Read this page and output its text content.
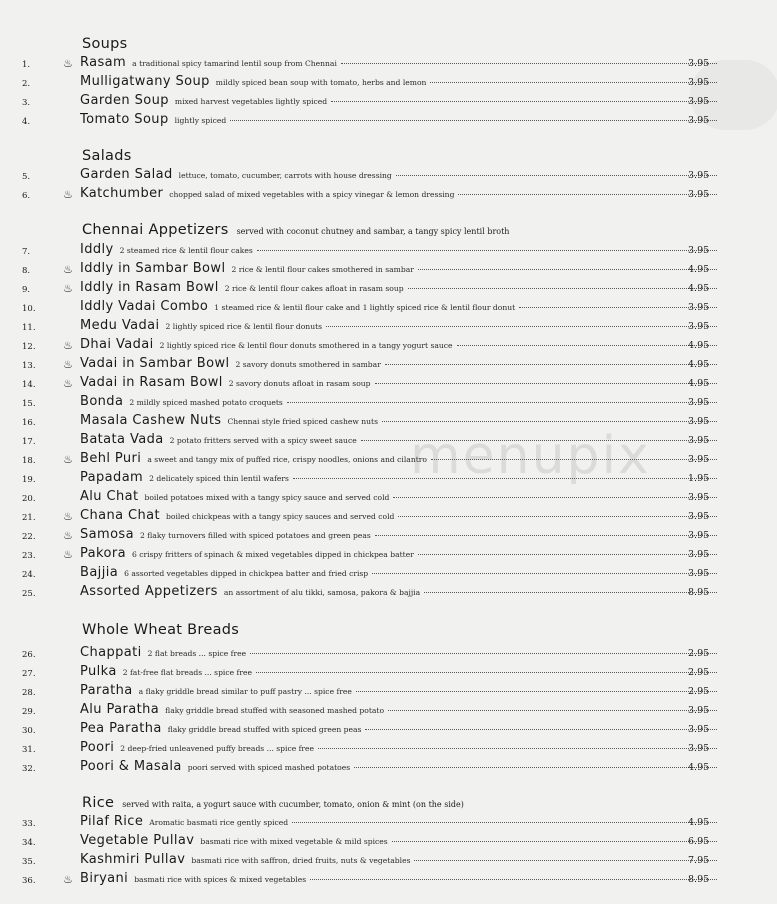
Soups
1.	♨ Rasam a traditional spicy tamarind lentil soup from Chennai	3.95
2.	Mulligatwany Soup mildly spiced bean soup with tomato, herbs and lemon	3.95
3.	Garden Soup mixed harvest vegetables lightly spiced	3.95
4.	Tomato Soup lightly spiced	3.95
Salads
5.	Garden Salad lettuce, tomato, cucumber, carrots with house dressing	3.95
6.	♨ Katchumber chopped salad of mixed vegetables with a spicy vinegar & lemon dressing	3.95
Chennai Appetizers served with coconut chutney and sambar, a tangy spicy lentil broth
7.	Iddly 2 steamed rice & lentil flour cakes	3.95
8.	♨ Iddly in Sambar Bowl 2 rice & lentil flour cakes smothered in sambar	4.95
9.	♨ Iddly in Rasam Bowl 2 rice & lentil flour cakes afloat in rasam soup	4.95
10.	Iddly Vadai Combo 1 steamed rice & lentil flour cake and 1 lightly spiced rice & lentil flour donut	3.95
11.	Medu Vadai 2 lightly spiced rice & lentil flour donuts	3.95
12.	♨ Dhai Vadai 2 lightly spiced rice & lentil flour donuts smothered in a tangy yogurt sauce	4.95
13.	♨ Vadai in Sambar Bowl 2 savory donuts smothered in sambar	4.95
14.	♨ Vadai in Rasam Bowl 2 savory donuts afloat in rasam soup	4.95
15.	Bonda 2 mildly spiced mashed potato croquets	3.95
16.	Masala Cashew Nuts Chennai style fried spiced cashew nuts	3.95
17.	Batata Vada 2 potato fritters served with a spicy sweet sauce	3.95
18.	♨ Behl Puri a sweet and tangy mix of puffed rice, crispy noodles, onions and cilantro	3.95
19.	Papadam 2 delicately spiced thin lentil wafers	1.95
20.	Alu Chat boiled potatoes mixed with a tangy spicy sauce and served cold	3.95
21.	♨ Chana Chat boiled chickpeas with a tangy spicy sauces and served cold	3.95
22.	♨ Samosa 2 flaky turnovers filled with spiced potatoes and green peas	3.95
23.	♨ Pakora 6 crispy fritters of spinach & mixed vegetables dipped in chickpea batter	3.95
24.	Bajjia 6 assorted vegetables dipped in chickpea batter and fried crisp	3.95
25.	Assorted Appetizers an assortment of alu tikki, samosa, pakora & bajjia	8.95
Whole Wheat Breads
26.	Chappati 2 flat breads ... spice free	2.95
27.	Pulka 2 fat-free flat breads ... spice free	2.95
28.	Paratha a flaky griddle bread similar to puff pastry ... spice free	2.95
29.	Alu Paratha flaky griddle bread stuffed with seasoned mashed potato	3.95
30.	Pea Paratha flaky griddle bread stuffed with spiced green peas	3.95
31.	Poori 2 deep-fried unleavened puffy breads ... spice free	3.95
32.	Poori & Masala poori served with spiced mashed potatoes	4.95
Rice served with raita, a yogurt sauce with cucumber, tomato, onion & mint (on the side)
33.	Pilaf Rice Aromatic basmati rice gently spiced	4.95
34.	Vegetable Pullav basmati rice with mixed vegetable & mild spices	6.95
35.	Kashmiri Pullav basmati rice with saffron, dried fruits, nuts & vegetables	7.95
36.	♨ Biryani basmati rice with spices & mixed vegetables	8.95
menupix
